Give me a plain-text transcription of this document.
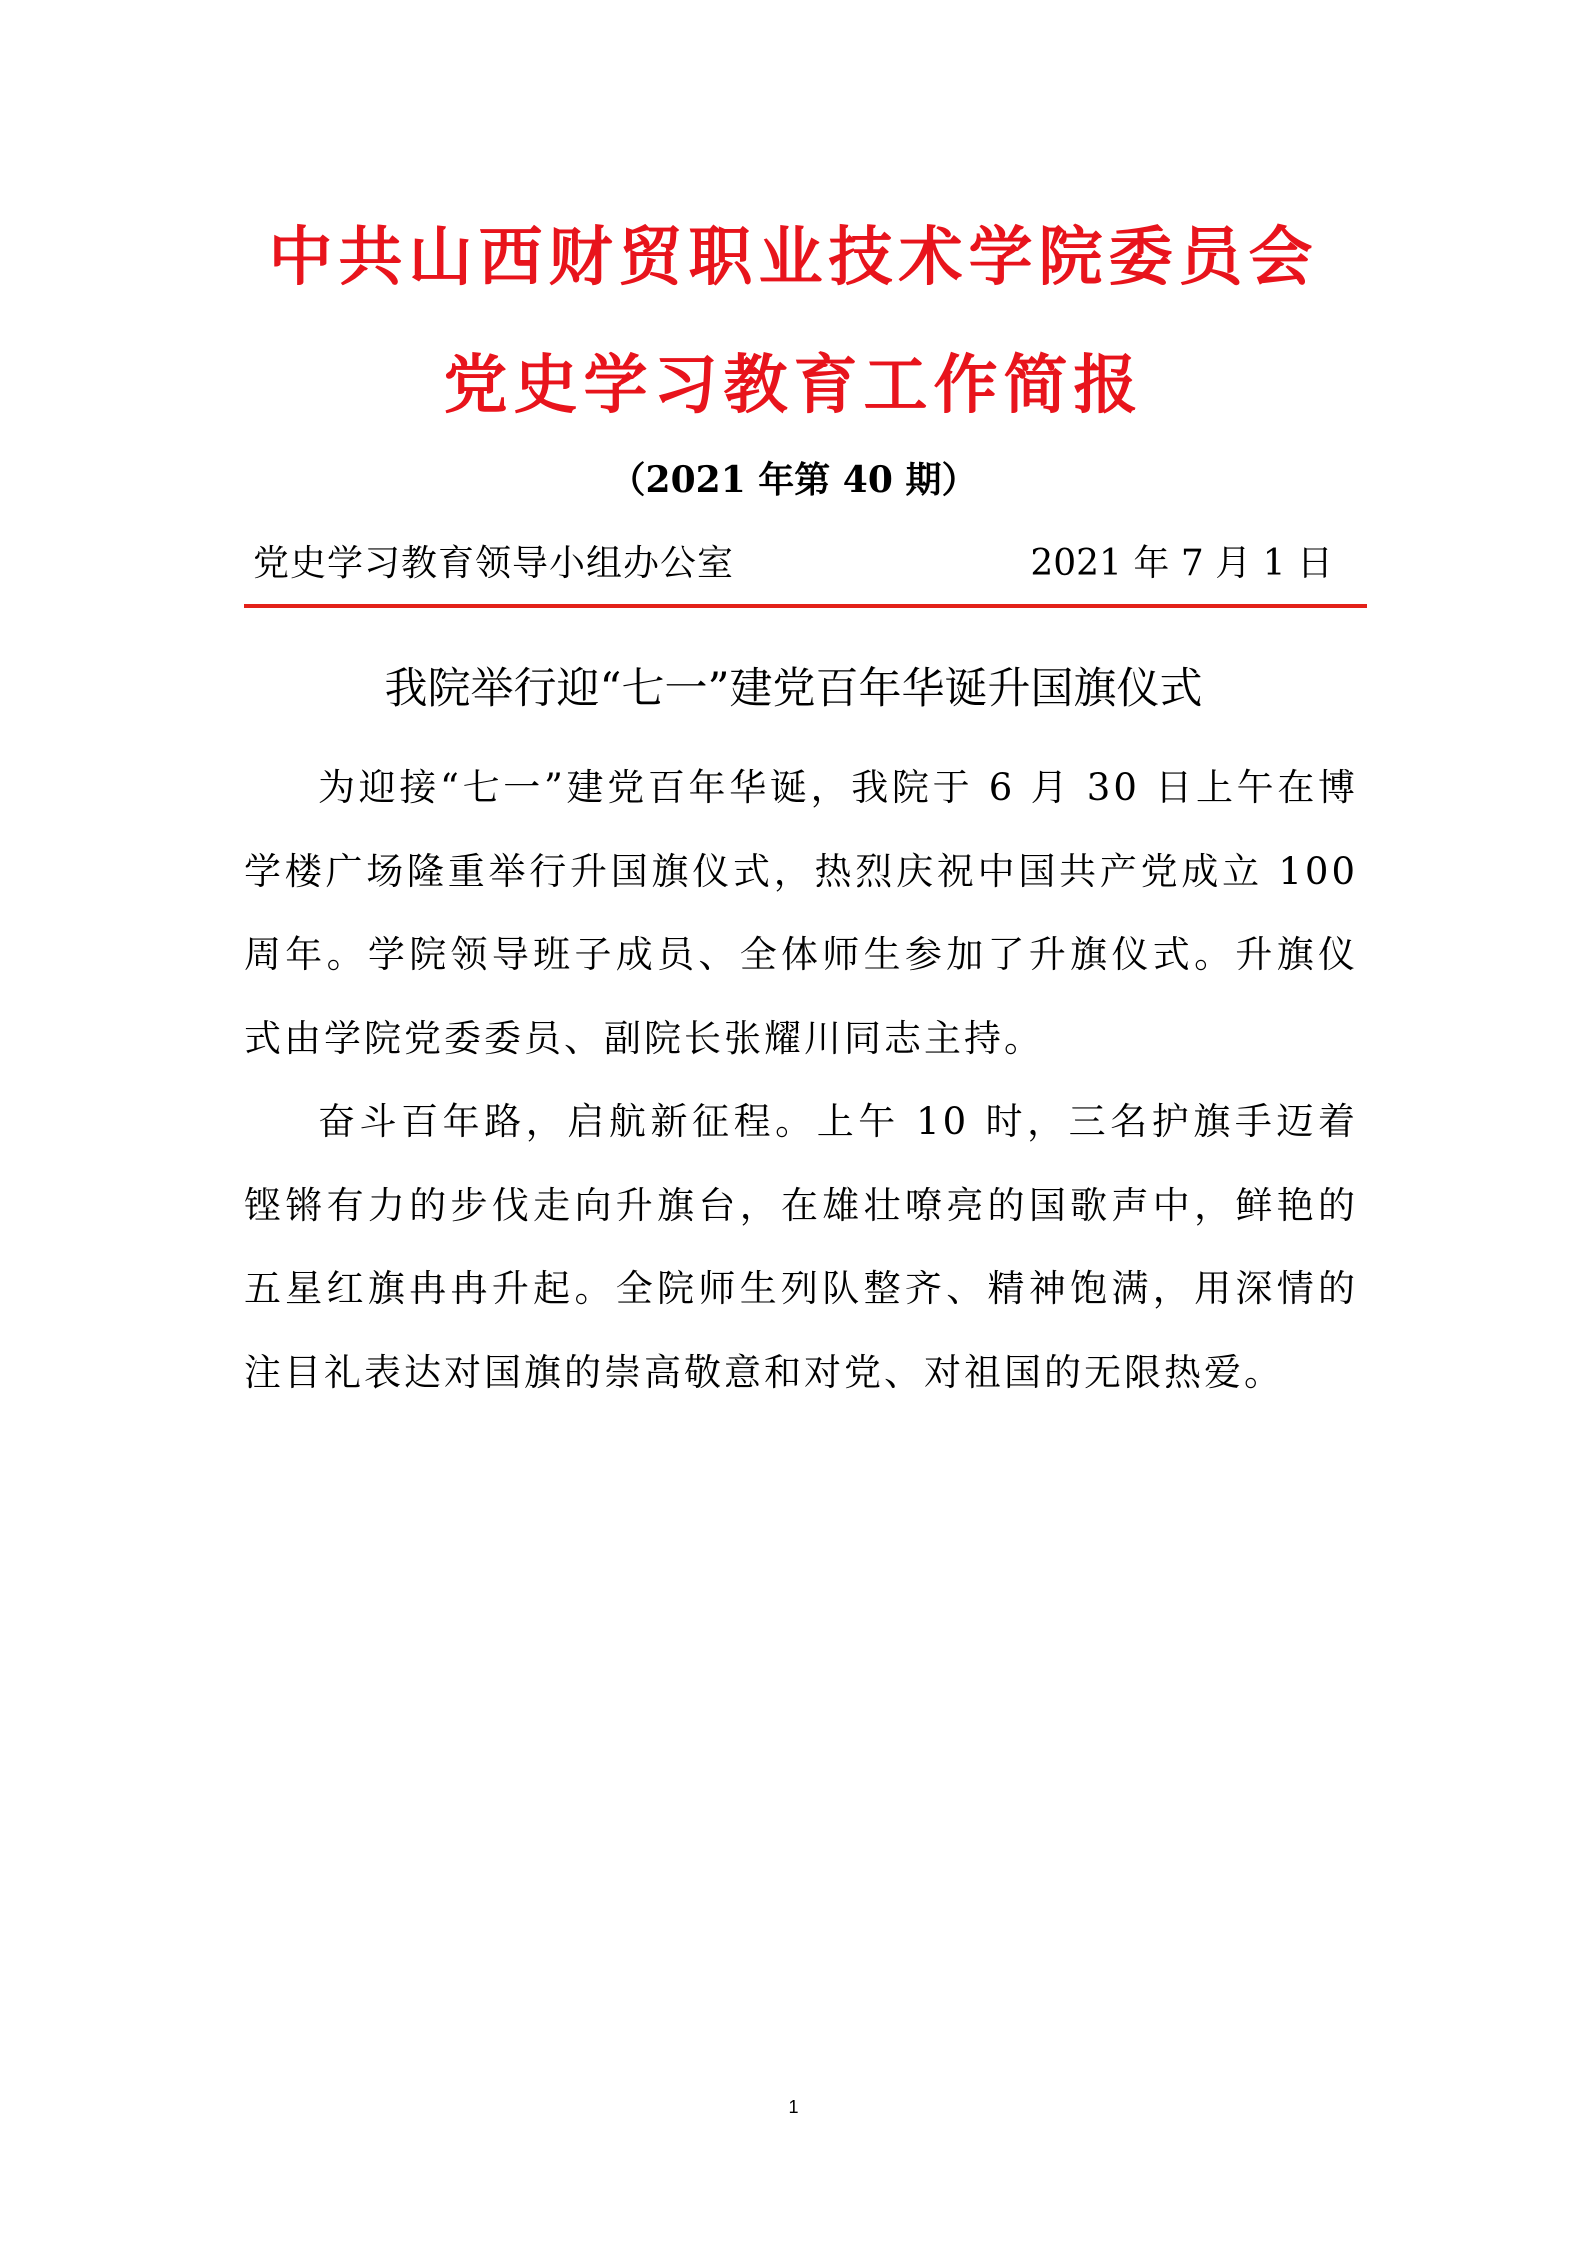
中共山西财贸职业技术学院委员会
党史学习教育工作简报
（2021 年第 40 期）
党史学习教育领导小组办公室	2021 年 7 月 1 日
我院举行迎“七一”建党百年华诞升国旗仪式

为迎接“七一”建党百年华诞，我院于 6 月 30 日上午在博学楼广场隆重举行升国旗仪式，热烈庆祝中国共产党成立 100 周年。学院领导班子成员、全体师生参加了升旗仪式。升旗仪式由学院党委委员、副院长张耀川同志主持。

奋斗百年路，启航新征程。上午 10 时，三名护旗手迈着铿锵有力的步伐走向升旗台，在雄壮嘹亮的国歌声中，鲜艳的五星红旗冉冉升起。全院师生列队整齐、精神饱满，用深情的注目礼表达对国旗的崇高敬意和对党、对祖国的无限热爱。

1
